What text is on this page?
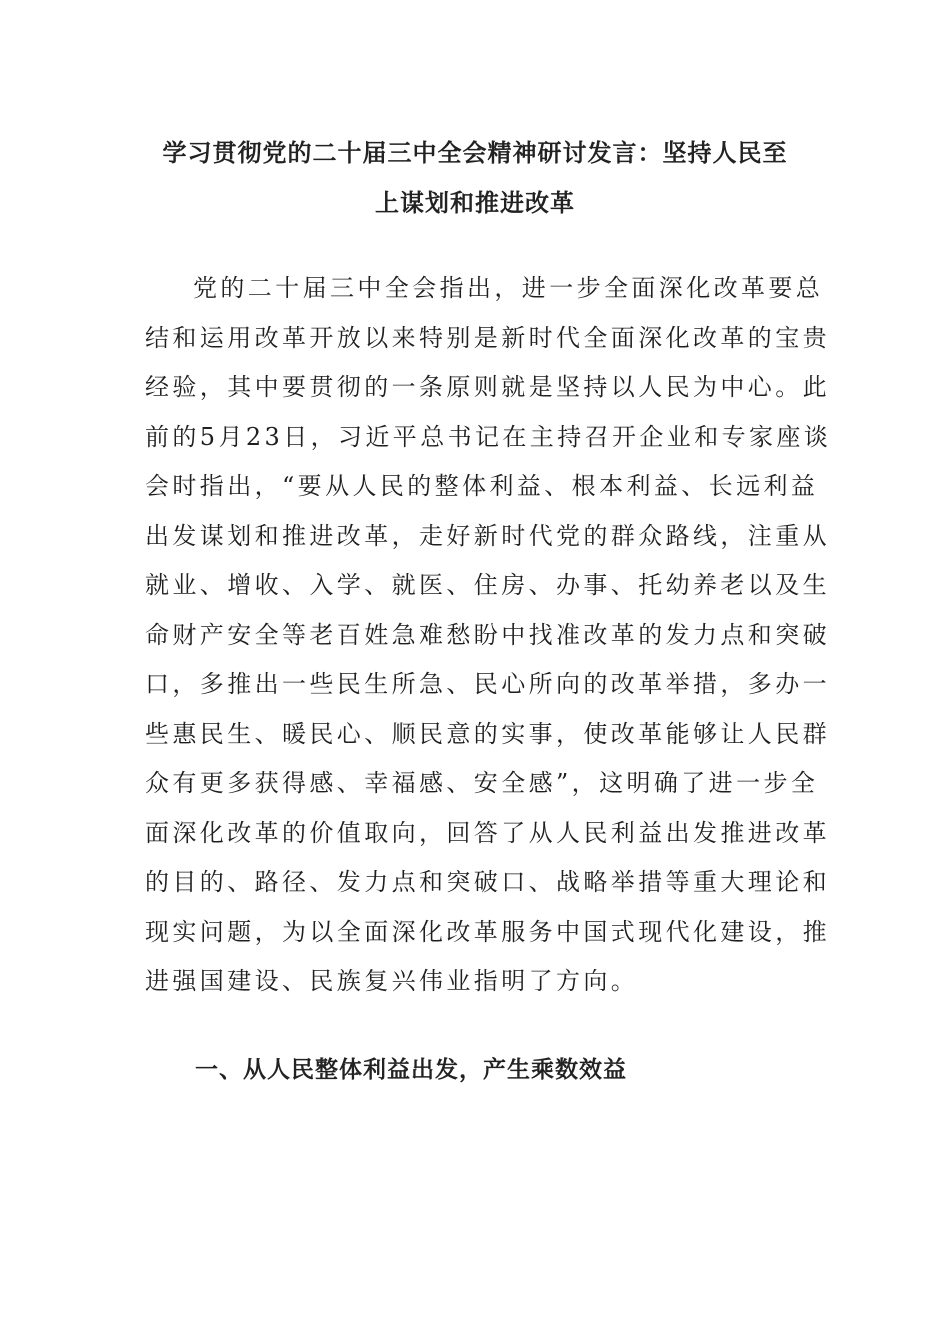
学习贯彻党的二十届三中全会精神研讨发言：坚持人民至
上谋划和推进改革
党的二十届三中全会指出，进一步全面深化改革要总
结和运用改革开放以来特别是新时代全面深化改革的宝贵
经验，其中要贯彻的一条原则就是坚持以人民为中心。此
前的5月23日，习近平总书记在主持召开企业和专家座谈
会时指出，“要从人民的整体利益、根本利益、长远利益
出发谋划和推进改革，走好新时代党的群众路线，注重从
就业、增收、入学、就医、住房、办事、托幼养老以及生
命财产安全等老百姓急难愁盼中找准改革的发力点和突破
口，多推出一些民生所急、民心所向的改革举措，多办一
些惠民生、暖民心、顺民意的实事，使改革能够让人民群
众有更多获得感、幸福感、安全感”，这明确了进一步全
面深化改革的价值取向，回答了从人民利益出发推进改革
的目的、路径、发力点和突破口、战略举措等重大理论和
现实问题，为以全面深化改革服务中国式现代化建设，推
进强国建设、民族复兴伟业指明了方向。
一、从人民整体利益出发，产生乘数效益
